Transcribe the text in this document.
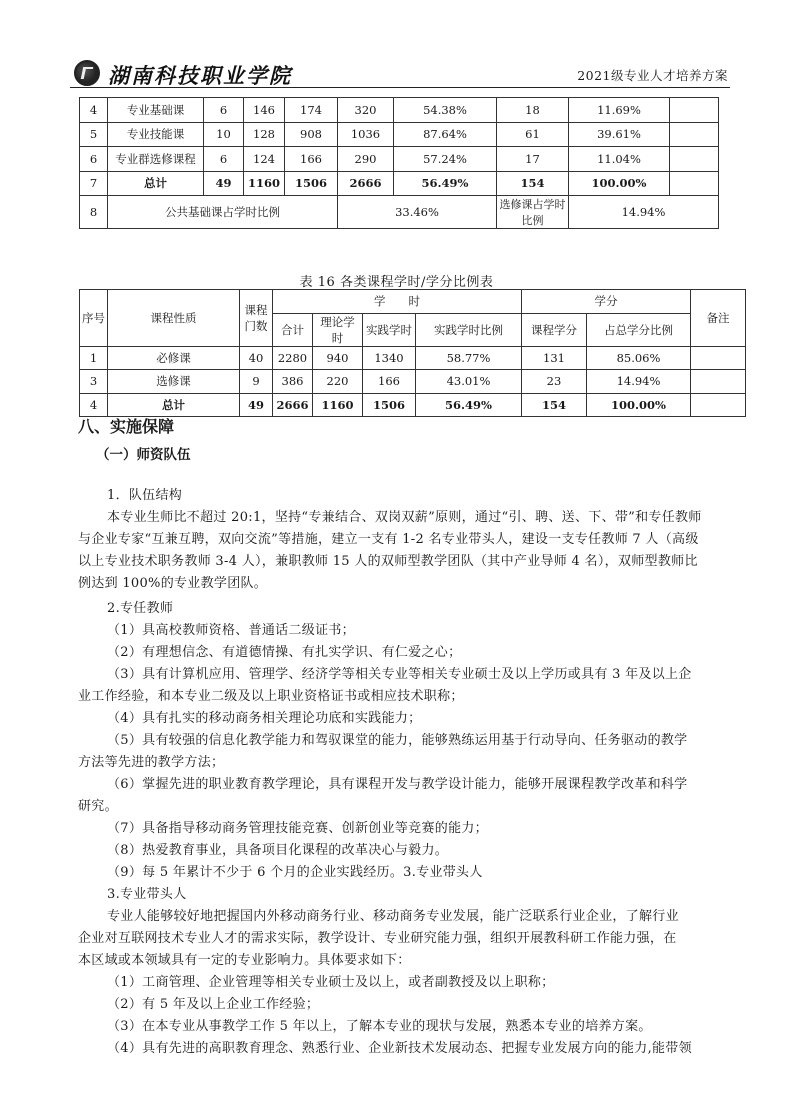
湖南科技职业学院	2021级专业人才培养方案
4	专业基础课	6	146	174	320	54.38%	18	11.69%	
5	专业技能课	10	128	908	1036	87.64%	61	39.61%	
6	专业群选修课程	6	124	166	290	57.24%	17	11.04%	
7	总计	49	1160	1506	2666	56.49%	154	100.00%	
8	公共基础课占学时比例				33.46%		选修课占学时比例	14.94%	
表 16 各类课程学时/学分比例表
序号	课程性质	课程门数	学　　时				学分		备注
			合计	理论学时	实践学时	实践学时比例	课程学分	占总学分比例	
1	必修课	40	2280	940	1340	58.77%	131	85.06%	
3	选修课	9	386	220	166	43.01%	23	14.94%	
4	总计	49	2666	1160	1506	56.49%	154	100.00%	
八、实施保障
（一）师资队伍
1．队伍结构
本专业生师比不超过 20:1，坚持“专兼结合、双岗双薪”原则，通过“引、聘、送、下、带”和专任教师
与企业专家“互兼互聘，双向交流”等措施，建立一支有 1-2 名专业带头人，建设一支专任教师 7 人（高级
以上专业技术职务教师 3-4 人），兼职教师 15 人的双师型教学团队（其中产业导师 4 名），双师型教师比
例达到 100%的专业教学团队。
2.专任教师
（1）具高校教师资格、普通话二级证书；
（2）有理想信念、有道德情操、有扎实学识、有仁爱之心；
（3）具有计算机应用、管理学、经济学等相关专业等相关专业硕士及以上学历或具有 3 年及以上企
业工作经验，和本专业二级及以上职业资格证书或相应技术职称；
（4）具有扎实的移动商务相关理论功底和实践能力；
（5）具有较强的信息化教学能力和驾驭课堂的能力，能够熟练运用基于行动导向、任务驱动的教学
方法等先进的教学方法；
（6）掌握先进的职业教育教学理论，具有课程开发与教学设计能力，能够开展课程教学改革和科学
研究。
（7）具备指导移动商务管理技能竞赛、创新创业等竞赛的能力；
（8）热爱教育事业，具备项目化课程的改革决心与毅力。
（9）每 5 年累计不少于 6 个月的企业实践经历。3.专业带头人
3.专业带头人
专业人能够较好地把握国内外移动商务行业、移动商务专业发展，能广泛联系行业企业，了解行业
企业对互联网技术专业人才的需求实际，教学设计、专业研究能力强，组织开展教科研工作能力强，在
本区域或本领域具有一定的专业影响力。具体要求如下：
（1）工商管理、企业管理等相关专业硕士及以上，或者副教授及以上职称；
（2）有 5 年及以上企业工作经验；
（3）在本专业从事教学工作 5 年以上，了解本专业的现状与发展，熟悉本专业的培养方案。
（4）具有先进的高职教育理念、熟悉行业、企业新技术发展动态、把握专业发展方向的能力,能带领
